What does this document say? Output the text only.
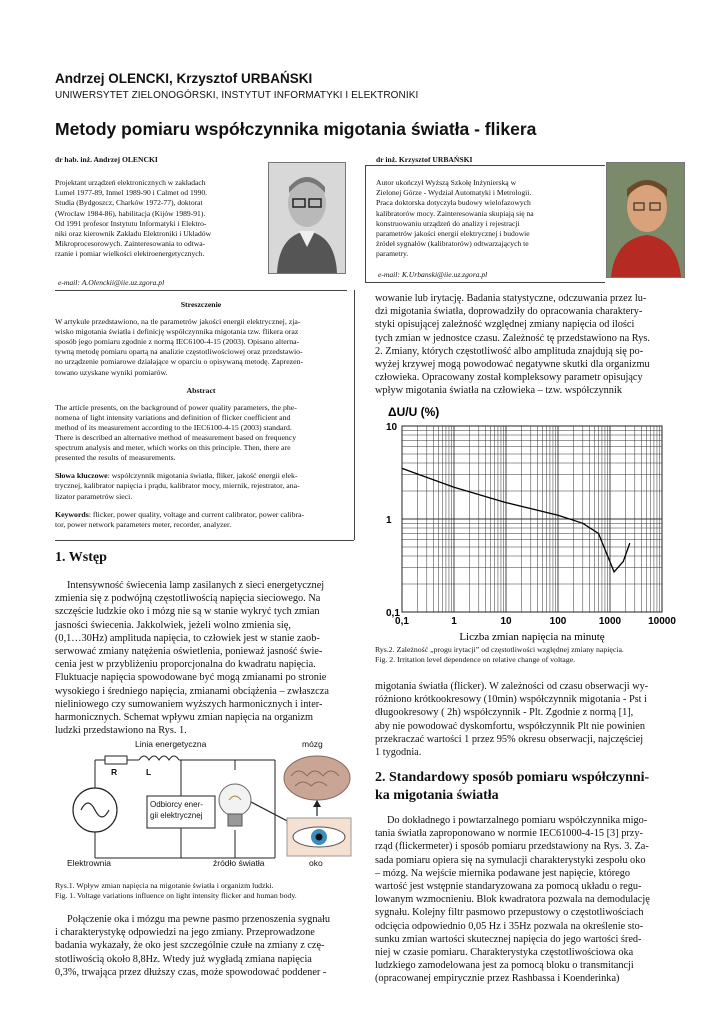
Andrzej OLENCKI, Krzysztof URBAŃSKI
UNIWERSYTET ZIELONOGÓRSKI, INSTYTUT INFORMATYKI I ELEKTRONIKI
Metody pomiaru współczynnika migotania światła - flikera
dr hab. inż. Andrzej OLENCKI
Projektant urządzeń elektronicznych w zakładach
Lumel 1977-89, Inmel 1989-90 i Calmet od 1990.
Studia (Bydgoszcz, Charków 1972-77), doktorat
(Wrocław 1984-86), habilitacja (Kijów 1989-91).
Od 1991 profesor Instytutu Informatyki i Elektro-
niki oraz kierownik Zakładu Elektroniki i Układów
Mikroprocesorowych. Zainteresowania to odtwa-
rzanie i pomiar wielkości elektroenergetycznych.
e-mail: A.Olenckii@iie.uz.zgora.pl
dr inż. Krzysztof URBAŃSKI
Autor ukończył Wyższą Szkołę Inżynierską w
Zielonej Górze - Wydział Automatyki i Metrologii.
Praca doktorska dotyczyła budowy wielofazowych
kalibratorów mocy. Zainteresowania skupiają się na
konstruowaniu urządzeń do analizy i rejestracji
parametrów jakości energii elektrycznej i budowie
źródeł sygnałów (kalibratorów) odtwarzających te
parametry.
e-mail: K.Urbanski@iie.uz.zgora.pl
Streszczenie

W artykule przedstawiono, na tle parametrów jakości energii elektrycznej, zja-
wisko migotania światła i definicję współczynnika migotania tzw. flikera oraz
sposób jego pomiaru zgodnie z normą IEC6100-4-15 (2003). Opisano alterna-
tywną metodę pomiaru opartą na analizie częstotliwościowej oraz przedstawio-
no urządzenie pomiarowe działające w oparciu o opisywaną metodę. Zaprezen-
towano uzyskane wyniki pomiarów.

Abstract

The article presents, on the background of power quality parameters, the phe-
nomena of light intensity variations and definition of flicker coefficient and
method of its measurement according to the IEC6100-4-15 (2003) standard.
There is described an alternative method of measurement based on frequency
spectrum analysis and meter, which works on this principle. Then, there are
presented the results of measurements.

Słowa kluczowe: współczynnik migotania światła, fliker, jakość energii elek-
trycznej, kalibrator napięcia i prądu, kalibrator mocy, miernik, rejestrator, ana-
lizator parametrów sieci.

Keywords: flicker, power quality, voltage and current calibrator, power calibra-
tor, power network parameters meter, recorder, analyzer.

1. Wstęp
Intensywność świecenia lamp zasilanych z sieci energetycznej
zmienia się z podwójną częstotliwością napięcia sieciowego. Na
szczęście ludzkie oko i mózg nie są w stanie wykryć tych zmian
jasności świecenia. Jakkolwiek, jeżeli wolno zmienia się,
(0,1…30Hz) amplituda napięcia, to człowiek jest w stanie zaob-
serwować zmiany natężenia oświetlenia, ponieważ jasność świe-
cenia jest w przybliżeniu proporcjonalna do kwadratu napięcia.
Fluktuacje napięcia spowodowane być mogą zmianami po stronie
wysokiego i średniego napięcia, zmianami obciążenia – zwłaszcza
nieliniowego czy sumowaniem wyższych harmonicznych i inter-
harmonicznych. Schemat wpływu zmian napięcia na organizm
ludzki przedstawiono na Rys. 1.
Linia energetyczna	mózg
R	L
Odbiorcy ener-
gii elektrycznej
Elektrownia	źródło światła	oko
Rys.1. Wpływ zmian napięcia na migotanie światła i organizm ludzki.
Fig. 1. Voltage variations influence on light intensity flicker and human body.
Połączenie oka i mózgu ma pewne pasmo przenoszenia sygnału
i charakterystykę odpowiedzi na jego zmiany. Przeprowadzone
badania wykazały, że oko jest szczególnie czułe na zmiany z czę-
stotliwością około 8,8Hz. Wtedy już wygładą zmiana napięcia
0,3%, trwająca przez dłuższy czas, może spowodować poddener -
wowanie lub irytację. Badania statystyczne, odczuwania przez lu-
dzi migotania światła, doprowadziły do opracowania charaktery-
styki opisującej zależność względnej zmiany napięcia od ilości
tych zmian w jednostce czasu. Zależność tę przedstawiono na Rys.
2. Zmiany, których częstotliwość albo amplituda znajdują się po-
wyżej krzywej mogą powodować negatywne skutki dla organizmu
człowieka. Opracowany został kompleksowy parametr opisujący
wpływ migotania światła na człowieka – tzw. współczynnik
ΔU/U (%)
0,1
1
10
0,1	1	10	100	1000	10000
Liczba zmian napięcia na minutę
Rys.2. Zależność „progu irytacji” od częstotliwości względnej zmiany napięcia.
Fig. 2. Irritation level dependence on relative change of voltage.
migotania światła (flicker). W zależności od czasu obserwacji wy-
różniono krótkookresowy (10min) współczynnik migotania - Pst i
długookresowy ( 2h) współczynnik - Plt. Zgodnie z normą [1],
aby nie powodować dyskomfortu, współczynnik Plt nie powinien
przekraczać wartości 1 przez 95% okresu obserwacji, najczęściej
1 tygodnia.
2. Standardowy sposób pomiaru współczynni-
ka migotania światła
Do dokładnego i powtarzalnego pomiaru współczynnika migo-
tania światła zaproponowano w normie IEC61000-4-15 [3] przy-
rząd (flickermeter) i sposób pomiaru przedstawiony na Rys. 3. Za-
sada pomiaru opiera się na symulacji charakterystyki zespołu oko
– mózg. Na wejście miernika podawane jest napięcie, którego
wartość jest wstępnie standaryzowana za pomocą układu o regu-
lowanym wzmocnieniu. Blok kwadratora pozwala na demodulację
sygnału. Kolejny filtr pasmowo przepustowy o częstotliwościach
odcięcia odpowiednio 0,05 Hz i 35Hz pozwala na określenie sto-
sunku zmian wartości skutecznej napięcia do jego wartości śred-
niej w czasie pomiaru. Charakterystyka częstotliwościowa oka
ludzkiego zamodelowana jest za pomocą bloku o transmitancji
(opracowanej empirycznie przez Rashbassa i Koenderinka)
